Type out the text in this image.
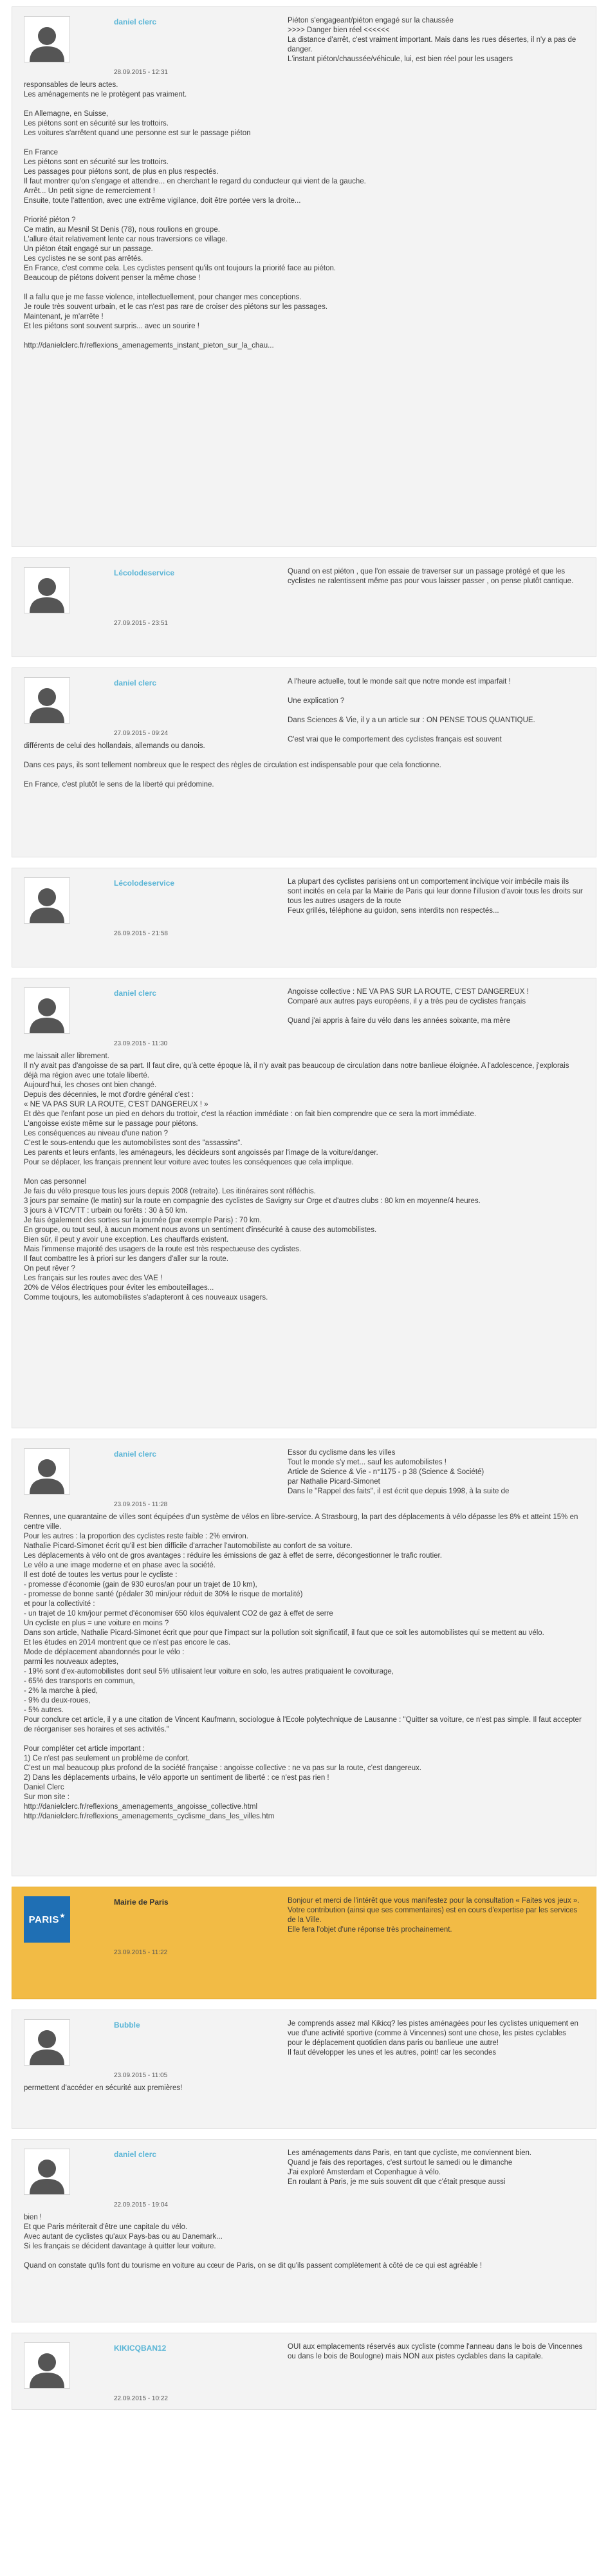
daniel clerc
28.09.2015 - 12:31
Piéton s'engageant/piéton engagé sur la chaussée
>>>> Danger bien réel <<<<<<
La distance d'arrêt, c'est vraiment important. Mais dans les rues désertes, il n'y a pas de danger.
L'instant piéton/chaussée/véhicule, lui, est bien réel pour les usagers
responsables de leurs actes.
Les aménagements ne le protègent pas vraiment.

En Allemagne, en Suisse,
Les piétons sont en sécurité sur les trottoirs.
Les voitures s'arrêtent quand une personne est sur le passage piéton

En France
Les piétons sont en sécurité sur les trottoirs.
Les passages pour piétons sont, de plus en plus respectés.
Il faut montrer qu'on s'engage et attendre... en cherchant le regard du conducteur qui vient de la gauche.
Arrêt... Un petit signe de remerciement !
Ensuite, toute l'attention, avec une extrême vigilance, doit être portée vers la droite...

Priorité piéton ?
Ce matin, au Mesnil St Denis (78), nous roulions en groupe.
L'allure était relativement lente car nous traversions ce village.
Un piéton était engagé sur un passage.
Les cyclistes ne se sont pas arrêtés.
En France, c'est comme cela. Les cyclistes pensent qu'ils ont toujours la priorité face au piéton.
Beaucoup de piétons doivent penser la même chose !

Il a fallu que je me fasse violence, intellectuellement, pour changer mes conceptions.
Je roule très souvent urbain, et le cas n'est pas rare de croiser des piétons sur les passages.
Maintenant, je m'arrête !
Et les piétons sont souvent surpris... avec un sourire !

http://danielclerc.fr/reflexions_amenagements_instant_pieton_sur_la_chau...
Lécolodeservice
27.09.2015 - 23:51
Quand on est piéton , que l'on essaie de traverser sur un passage protégé et que les cyclistes ne ralentissent même pas pour vous laisser passer , on pense plutôt cantique.
daniel clerc
27.09.2015 - 09:24
A l'heure actuelle, tout le monde sait que notre monde est imparfait !

Une explication ?

Dans Sciences & Vie, il y a un article sur : ON PENSE TOUS QUANTIQUE.

C'est vrai que le comportement des cyclistes français est souvent
différents de celui des hollandais, allemands ou danois.

Dans ces pays, ils sont tellement nombreux que le respect des règles de circulation est indispensable pour que cela fonctionne.

En France, c'est plutôt le sens de la liberté qui prédomine.
Lécolodeservice
26.09.2015 - 21:58
La plupart des cyclistes parisiens ont un comportement incivique voir imbécile mais ils sont incités en cela par la Mairie de Paris qui leur donne l'illusion d'avoir tous les droits sur tous les autres usagers de la route
Feux grillés, téléphone au guidon, sens interdits non respectés...
daniel clerc
23.09.2015 - 11:30
Angoisse collective : NE VA PAS SUR LA ROUTE, C'EST DANGEREUX !
Comparé aux autres pays européens, il y a très peu de cyclistes français

Quand j'ai appris à faire du vélo dans les années soixante, ma mère
me laissait aller librement.
Il n'y avait pas d'angoisse de sa part. Il faut dire, qu'à cette époque là, il n'y avait pas beaucoup de circulation dans notre banlieue éloignée. A l'adolescence, j'explorais déjà ma région avec une totale liberté.
Aujourd'hui, les choses ont bien changé.
Depuis des décennies, le mot d'ordre général c'est :
« NE VA PAS SUR LA ROUTE, C'EST DANGEREUX ! »
Et dès que l'enfant pose un pied en dehors du trottoir, c'est la réaction immédiate : on fait bien comprendre que ce sera la mort immédiate.
L'angoisse existe même sur le passage pour piétons.
Les conséquences au niveau d'une nation ?
C'est le sous-entendu que les automobilistes sont des "assassins".
Les parents et leurs enfants, les aménageurs, les décideurs sont angoissés par l'image de la voiture/danger.
Pour se déplacer, les français prennent leur voiture avec toutes les conséquences que cela implique.

Mon cas personnel
Je fais du vélo presque tous les jours depuis 2008 (retraite). Les itinéraires sont réfléchis.
3 jours par semaine (le matin) sur la route en compagnie des cyclistes de Savigny sur Orge et d'autres clubs : 80 km en moyenne/4 heures.
3 jours à VTC/VTT : urbain ou forêts : 30 à 50 km.
Je fais également des sorties sur la journée (par exemple Paris) : 70 km.
En groupe, ou tout seul, à aucun moment nous avons un sentiment d'insécurité à cause des automobilistes.
Bien sûr, il peut y avoir une exception. Les chauffards existent.
Mais l'immense majorité des usagers de la route est très respectueuse des cyclistes.
Il faut combattre les à priori sur les dangers d'aller sur la route.
On peut rêver ?
Les français sur les routes avec des VAE !
20% de Vélos électriques pour éviter les embouteillages...
Comme toujours, les automobilistes s'adapteront à ces nouveaux usagers.
daniel clerc
23.09.2015 - 11:28
Essor du cyclisme dans les villes
Tout le monde s'y met... sauf les automobilistes !
Article de Science & Vie - n°1175 - p 38 (Science & Société)
par Nathalie Picard-Simonet
Dans le "Rappel des faits", il est écrit que depuis 1998, à la suite de
Rennes, une quarantaine de villes sont équipées d'un système de vélos en libre-service. A Strasbourg, la part des déplacements à vélo dépasse les 8% et atteint 15% en centre ville.
Pour les autres : la proportion des cyclistes reste faible : 2% environ.
Nathalie Picard-Simonet écrit qu'il est bien difficile d'arracher l'automobiliste au confort de sa voiture.
Les déplacements à vélo ont de gros avantages : réduire les émissions de gaz à effet de serre, décongestionner le trafic routier.
Le vélo a une image moderne et en phase avec la société.
Il est doté de toutes les vertus pour le cycliste :
- promesse d'économie (gain de 930 euros/an pour un trajet de 10 km),
- promesse de bonne santé (pédaler 30 min/jour réduit de 30% le risque de mortalité)
et pour la collectivité :
- un trajet de 10 km/jour permet d'économiser 650 kilos équivalent CO2 de gaz à effet de serre
Un cycliste en plus = une voiture en moins ?
Dans son article, Nathalie Picard-Simonet écrit que pour que l'impact sur la pollution soit significatif, il faut que ce soit les automobilistes qui se mettent au vélo.
Et les études en 2014 montrent que ce n'est pas encore le cas.
Mode de déplacement abandonnés pour le vélo :
parmi les nouveaux adeptes,
- 19% sont d'ex-automobilistes dont seul 5% utilisaient leur voiture en solo, les autres pratiquaient le covoiturage,
- 65% des transports en commun,
- 2% la marche à pied,
- 9% du deux-roues,
- 5% autres.
Pour conclure cet article, il y a une citation de Vincent Kaufmann, sociologue à l'Ecole polytechnique de Lausanne : "Quitter sa voiture, ce n'est pas simple. Il faut accepter de réorganiser ses horaires et ses activités."

Pour compléter cet article important :
1) Ce n'est pas seulement un problème de confort.
C'est un mal beaucoup plus profond de la société française : angoisse collective : ne va pas sur la route, c'est dangereux.
2) Dans les déplacements urbains, le vélo apporte un sentiment de liberté : ce n'est pas rien !
Daniel Clerc
Sur mon site :
http://danielclerc.fr/reflexions_amenagements_angoisse_collective.html
http://danielclerc.fr/reflexions_amenagements_cyclisme_dans_les_villes.htm
PARIS ★
Mairie de Paris
23.09.2015 - 11:22
Bonjour et merci de l'intérêt que vous manifestez pour la consultation « Faites vos jeux ».
Votre contribution (ainsi que ses commentaires) est en cours d'expertise par les services de la Ville.
Elle fera l'objet d'une réponse très prochainement.
Bubble
23.09.2015 - 11:05
Je comprends assez mal Kikicq? les pistes aménagées pour les cyclistes uniquement en vue d'une activité sportive (comme à Vincennes) sont une chose, les pistes cyclables pour le déplacement quotidien dans paris ou banlieue une autre!
Il faut développer les unes et les autres, point! car les secondes
permettent d'accéder en sécurité aux premières!
daniel clerc
22.09.2015 - 19:04
Les aménagements dans Paris, en tant que cycliste, me conviennent bien.
Quand je fais des reportages, c'est surtout le samedi ou le dimanche
J'ai exploré Amsterdam et Copenhague à vélo.
En roulant à Paris, je me suis souvent dit que c'était presque aussi
bien !
Et que Paris mériterait d'être une capitale du vélo.
Avec autant de cyclistes qu'aux Pays-bas ou au Danemark...
Si les français se décident davantage à quitter leur voiture.

Quand on constate qu'ils font du tourisme en voiture au cœur de Paris, on se dit qu'ils passent complètement à côté de ce qui est agréable !
KIKICQBAN12
22.09.2015 - 10:22
OUI aux emplacements réservés aux cycliste (comme l'anneau dans le bois de Vincennes ou dans le bois de Boulogne) mais NON aux pistes cyclables dans la capitale.
